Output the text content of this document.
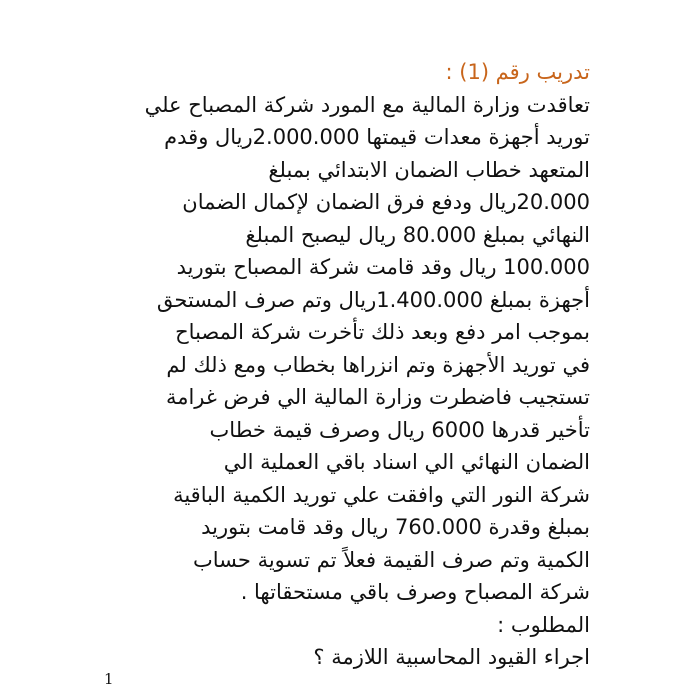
تدريب رقم (1) :
تعاقدت وزارة المالية مع المورد شركة المصباح علي
توريد أجهزة معدات قيمتها 2.000.000ريال وقدم
المتعهد خطاب الضمان الابتدائي بمبلغ
20.000ريال ودفع فرق الضمان لإكمال الضمان
النهائي بمبلغ 80.000 ريال ليصبح المبلغ
100.000 ريال وقد قامت شركة المصباح بتوريد
أجهزة بمبلغ 1.400.000ريال وتم صرف المستحق
بموجب امر دفع وبعد ذلك تأخرت شركة المصباح
في توريد الأجهزة وتم انزراها بخطاب ومع ذلك لم
تستجيب فاضطرت وزارة المالية الي فرض غرامة
تأخير قدرها 6000 ريال وصرف قيمة خطاب
الضمان النهائي الي اسناد باقي العملية الي
شركة النور التي وافقت علي توريد الكمية الباقية
بمبلغ وقدرة 760.000 ريال وقد قامت بتوريد
الكمية وتم صرف القيمة فعلاً تم تسوية حساب
شركة المصباح وصرف باقي مستحقاتها .
المطلوب :
اجراء القيود المحاسبية اللازمة ؟
1
